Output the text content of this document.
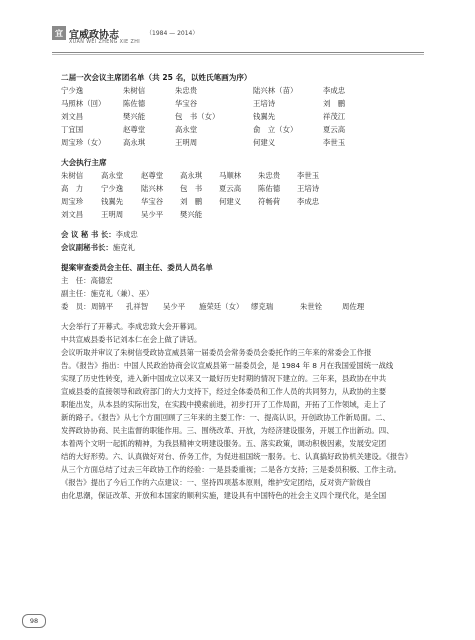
宜 宜威政协志	（1984 — 2014）
XUAN WEI ZHENG XIE ZHI
二届一次会议主席团名单（共 25 名，以姓氏笔画为序）
宁少逸	朱树信	朱忠贵	陆兴林（苗）	李成忠
马照林（回） 陈佐德	华宝谷	王培诗	刘　鹏
刘文昌	樊兴能	包　书（女）	钱翼先	祥茂江
丁宜国	赵尊堂	高永堂	俞　立（女）	夏云高
周宝珍（女） 高永琪	王明周	何建义	李世玉
大会执行主席
朱树信 高永堂 赵尊堂 高永琪 马顺林 朱忠贵 李世玉
高　力 宁少逸 陆兴林 包　书 夏云高 陈佑德 王培诗
周宝珍 钱翼先 华宝谷 刘　鹏 何建义 符畅荷 李成忠
刘文昌 王明周 吴少平 樊兴能
会 议 秘 书 长：李成忠
会议副秘书长：施克礼
提案审查委员会主任、副主任、委员人员名单
主　任：高德宏
副主任：施克礼（兼）、巫）
委　员： 周锦平 孔祥智 吴少平 施荣廷（女） 缪克瑞	朱世铨	周佐理
大会举行了开幕式。李成忠致大会开幕词。
中共宣威县委书记刘本仁在会上做了讲话。
会议听取并审议了朱树信受政协宣威县第一届委员会常务委员会委托作的三年来的常委会工作报
告。《报告》指出：中国人民政治协商会议宣威县第一届委员会，是 1984 年 8 月在我国爱国统一战线
实现了历史性转变，进入新中国成立以来又一最好历史时期的情况下建立的。三年来，县政协在中共
宣威县委的直接领导和政府部门的大力支持下，经过全体委员和工作人员的共同努力，从政协的主要
职能出发，从本县的实际出发，在实践中摸索前进，初步打开了工作局面，开拓了工作领域，走上了
新的路子。《报告》从七个方面回顾了三年来的主要工作：一、提高认识，开创政协工作新局面。二、
发挥政协协商、民主监督的职能作用。三、围绕改革、开放，为经济建设服务，开展工作出新动。四、
本着两个文明一起抓的精神，为我县精神文明建设服务。五、落实政策，调动积极因素，发展安定团
结的大好形势。六、认真做好对台、侨务工作，为促进祖国统一服务。七、认真搞好政协机关建设。《报告》
从三个方面总结了过去三年政协工作的经验：一是县委重视；二是各方支持；三是委员积极、工作主动。
《报告》提出了今后工作的六点建议：一、坚持四项基本原则，维护安定团结，反对资产阶级自
由化思潮，保证改革、开放和本国家的顺利实施，建设具有中国特色的社会主义四个现代化，是全国
98
